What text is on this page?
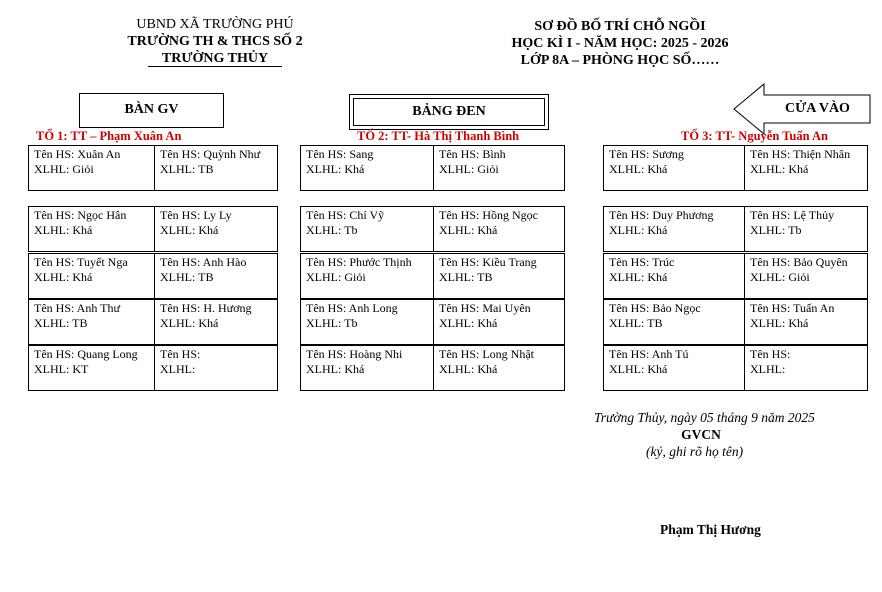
UBND XÃ TRƯỜNG PHÚ
TRƯỜNG TH & THCS SỐ 2
TRƯỜNG THỦY
SƠ ĐỒ BỐ TRÍ CHỖ NGỒI
HỌC KÌ I - NĂM HỌC: 2025 - 2026
LỚP 8A – PHÒNG HỌC SỐ……
BÀN GV	BẢNG ĐEN	CỬA VÀO
TỔ 1: TT – Phạm Xuân An	TỔ 2: TT- Hà Thị Thanh Bình	TỔ 3: TT- Nguyễn Tuấn An
Tên HS: Xuân An
XLHL: Giỏi
Tên HS: Quỳnh Như
XLHL: TB
Tên HS: Ngọc Hân
XLHL: Khá
Tên HS: Ly Ly
XLHL: Khá
Tên HS: Tuyết Nga
XLHL: Khá
Tên HS: Anh Hào
XLHL: TB
Tên HS: Anh Thư
XLHL: TB
Tên HS: H. Hương
XLHL: Khá
Tên HS: Quang Long
XLHL: KT
Tên HS:
XLHL:
Tên HS: Sang
XLHL: Khá
Tên HS: Bình
XLHL: Giỏi
Tên HS: Chí Vỹ
XLHL: Tb
Tên HS: Hồng Ngọc
XLHL: Khá
Tên HS: Phước Thịnh
XLHL: Giỏi
Tên HS: Kiều Trang
XLHL: TB
Tên HS: Anh Long
XLHL: Tb
Tên HS: Mai Uyên
XLHL: Khá
Tên HS: Hoàng Nhi
XLHL: Khá
Tên HS: Long Nhật
XLHL: Khá
Tên HS: Sương
XLHL: Khá
Tên HS: Thiện Nhân
XLHL: Khá
Tên HS: Duy Phương
XLHL: Khá
Tên HS: Lệ Thủy
XLHL: Tb
Tên HS: Trúc
XLHL: Khá
Tên HS: Bảo Quyên
XLHL: Giỏi
Tên HS: Bảo Ngọc
XLHL: TB
Tên HS: Tuấn An
XLHL: Khá
Tên HS: Anh Tú
XLHL: Khá
Tên HS:
XLHL:
Trường Thủy, ngày 05 tháng 9 năm 2025
GVCN
(ký, ghi rõ họ tên)
Phạm Thị Hương
